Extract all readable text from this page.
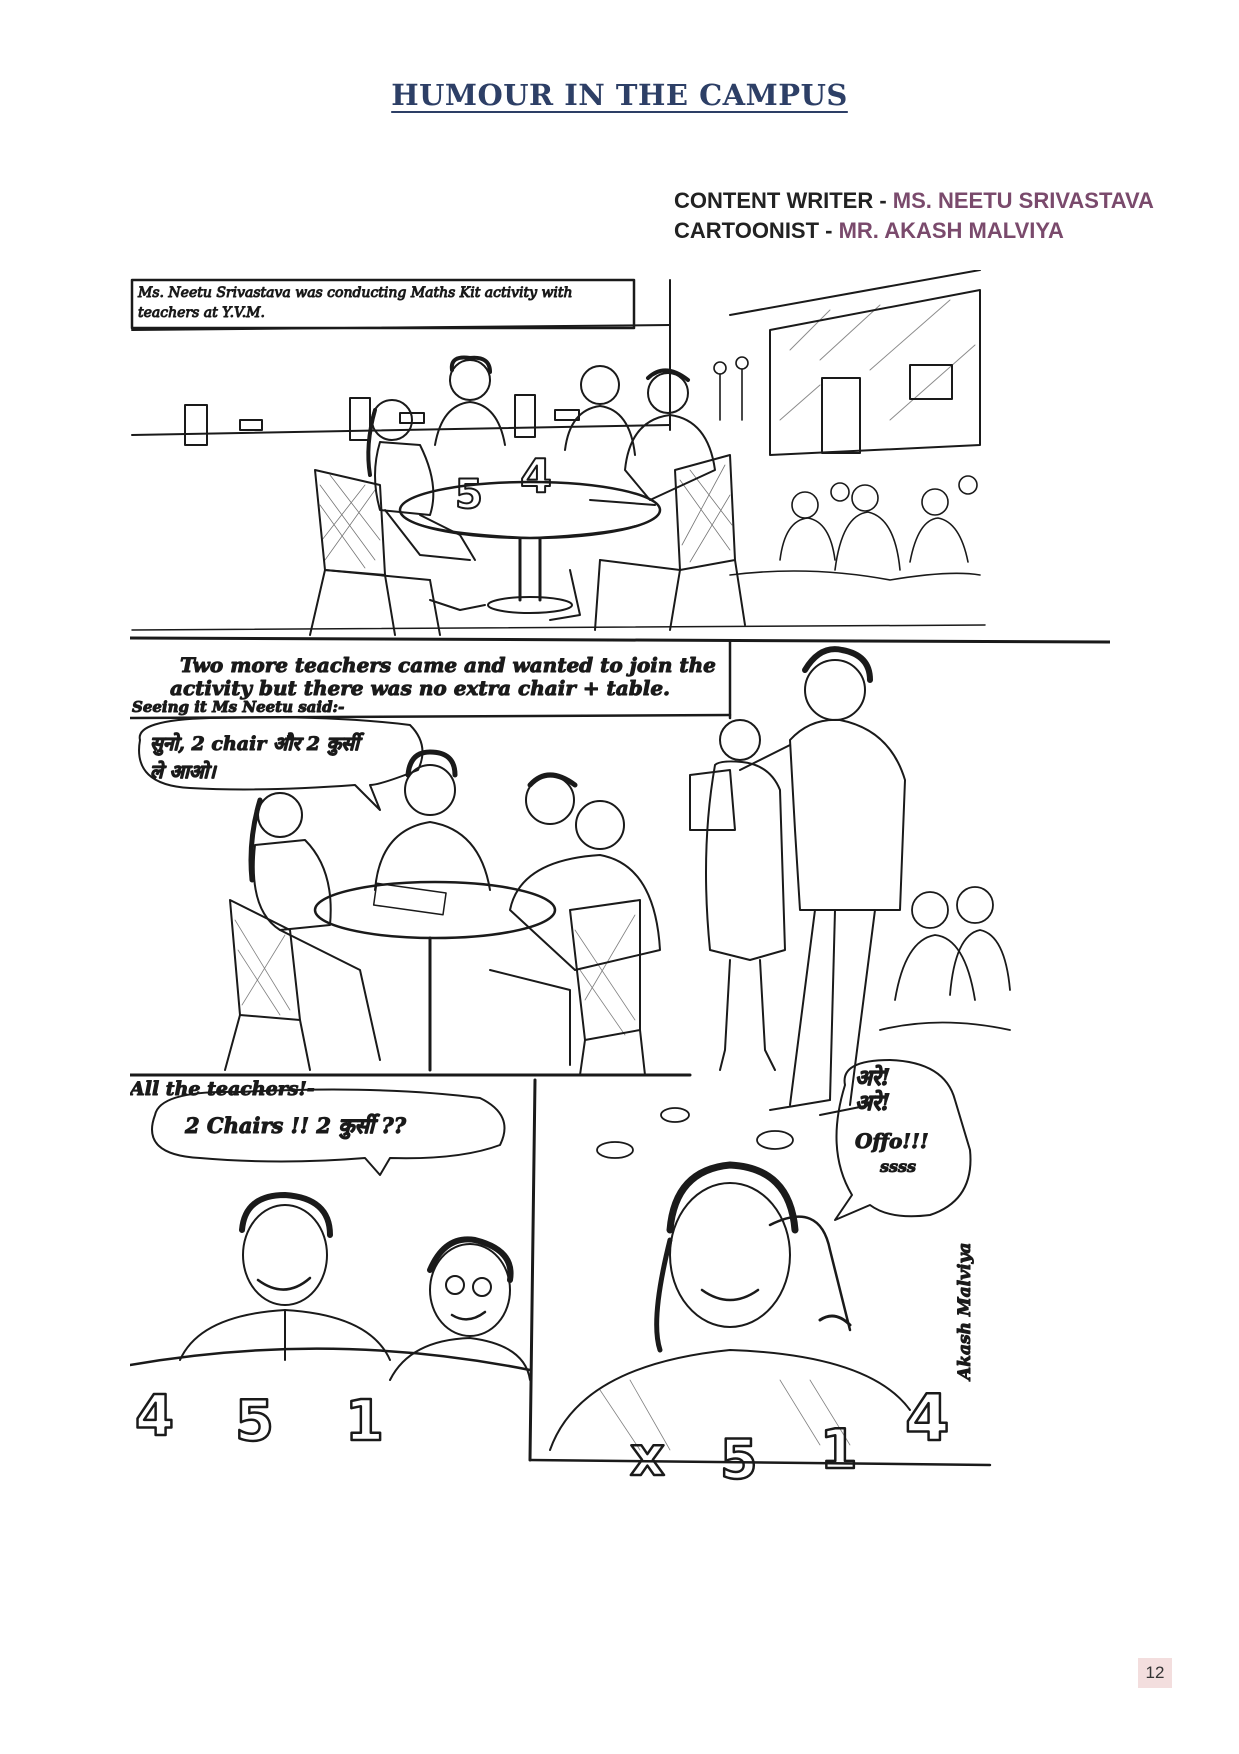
HUMOUR IN THE CAMPUS
CONTENT WRITER - MS. NEETU SRIVASTAVA
CARTOONIST - MR. AKASH MALVIYA
5 4
Ms. Neetu Srivastava was conducting Maths Kit activity with
teachers at Y.V.M.
Two more teachers came and wanted to join the
activity but there was no extra chair + table.
Seeing it Ms Neetu said:-
सुनो, 2 chair और 2 कुर्सी
ले आओ।
All the teachers!-
2 Chairs !! 2 कुर्सी ??
4 5 1
अरे!
अरे!
Offo!!!
ssss
x 5 1 4
Akash Malviya
12
